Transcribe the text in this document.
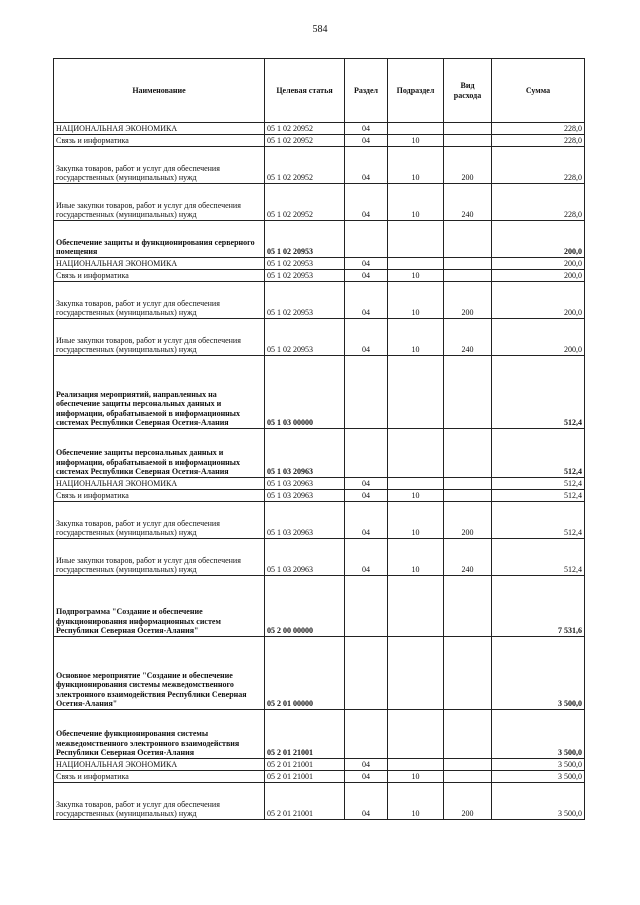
584
Наименование	Целевая статья	Раздел	Подраздел	Вид расхода	Сумма
НАЦИОНАЛЬНАЯ ЭКОНОМИКА	05 1 02 20952	04			228,0
Связь и информатика	05 1 02 20952	04	10		228,0
Закупка товаров, работ и услуг для обеспечения государственных (муниципальных) нужд	05 1 02 20952	04	10	200	228,0
Иные закупки товаров, работ и услуг для обеспечения государственных (муниципальных) нужд	05 1 02 20952	04	10	240	228,0
Обеспечение защиты и функционирования серверного помещения	05 1 02 20953				200,0
НАЦИОНАЛЬНАЯ ЭКОНОМИКА	05 1 02 20953	04			200,0
Связь и информатика	05 1 02 20953	04	10		200,0
Закупка товаров, работ и услуг для обеспечения государственных (муниципальных) нужд	05 1 02 20953	04	10	200	200,0
Иные закупки товаров, работ и услуг для обеспечения государственных (муниципальных) нужд	05 1 02 20953	04	10	240	200,0
Реализация мероприятий, направленных на обеспечение защиты персональных данных и информации, обрабатываемой в информационных системах Республики Северная Осетия-Алания	05 1 03 00000				512,4
Обеспечение защиты персональных данных и информации, обрабатываемой в информационных системах Республики Северная Осетия-Алания	05 1 03 20963				512,4
НАЦИОНАЛЬНАЯ ЭКОНОМИКА	05 1 03 20963	04			512,4
Связь и информатика	05 1 03 20963	04	10		512,4
Закупка товаров, работ и услуг для обеспечения государственных (муниципальных) нужд	05 1 03 20963	04	10	200	512,4
Иные закупки товаров, работ и услуг для обеспечения государственных (муниципальных) нужд	05 1 03 20963	04	10	240	512,4
Подпрограмма "Создание и обеспечение функционирования информационных систем Республики Северная Осетия-Алания"	05 2 00 00000				7 531,6
Основное мероприятие "Создание и обеспечение функционирования системы межведомственного электронного взаимодействия Республики Северная Осетия-Алания"	05 2 01 00000				3 500,0
Обеспечение функционирования системы межведомственного электронного взаимодействия Республики Северная Осетия-Алания	05 2 01 21001				3 500,0
НАЦИОНАЛЬНАЯ ЭКОНОМИКА	05 2 01 21001	04			3 500,0
Связь и информатика	05 2 01 21001	04	10		3 500,0
Закупка товаров, работ и услуг для обеспечения государственных (муниципальных) нужд	05 2 01 21001	04	10	200	3 500,0
